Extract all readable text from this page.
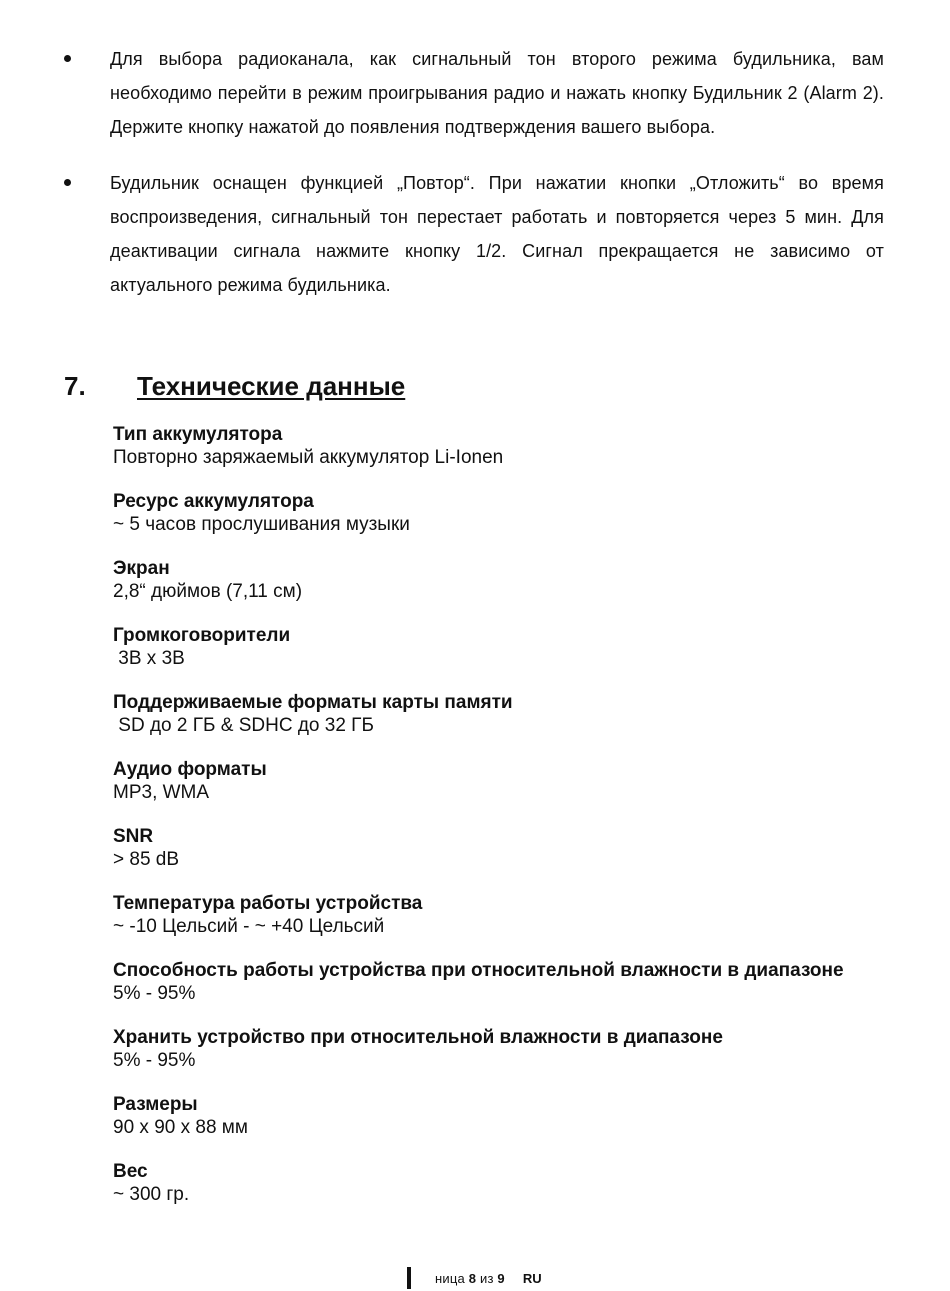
Для выбора радиоканала, как сигнальный тон второго режима будильника, вам необходимо перейти в режим проигрывания радио и нажать кнопку Будильник 2 (Alarm 2). Держите кнопку нажатой до появления подтверждения вашего выбора.

Будильник оснащен функцией „Повтор“. При нажатии кнопки „Отложить“ во время воспроизведения, сигнальный тон перестает работать и повторяется через 5 мин. Для деактивации сигнала нажмите кнопку 1/2. Сигнал прекращается не зависимо от актуального режима будильника.

7. Технические данные
Тип аккумулятора
Повторно заряжаемый аккумулятор Li-Ionen
Ресурс аккумулятора
~ 5 часов прослушивания музыки
Экран
2,8“ дюймов (7,11 см)
Громкоговорители
3В x 3В
Поддерживаемые форматы карты памяти
SD до 2 ГБ & SDHC до 32 ГБ
Аудио форматы
MP3, WMA
SNR
> 85 dB
Температура работы устройства
~ -10 Цельсий - ~ +40 Цельсий
Способность работы устройства при относительной влажности в диапазоне
5% - 95%
Хранить устройство при относительной влажности в диапазоне
5% - 95%
Размеры
90 x 90 x 88 мм
Вес
~ 300 гр.
ница 8 из 9 RU
